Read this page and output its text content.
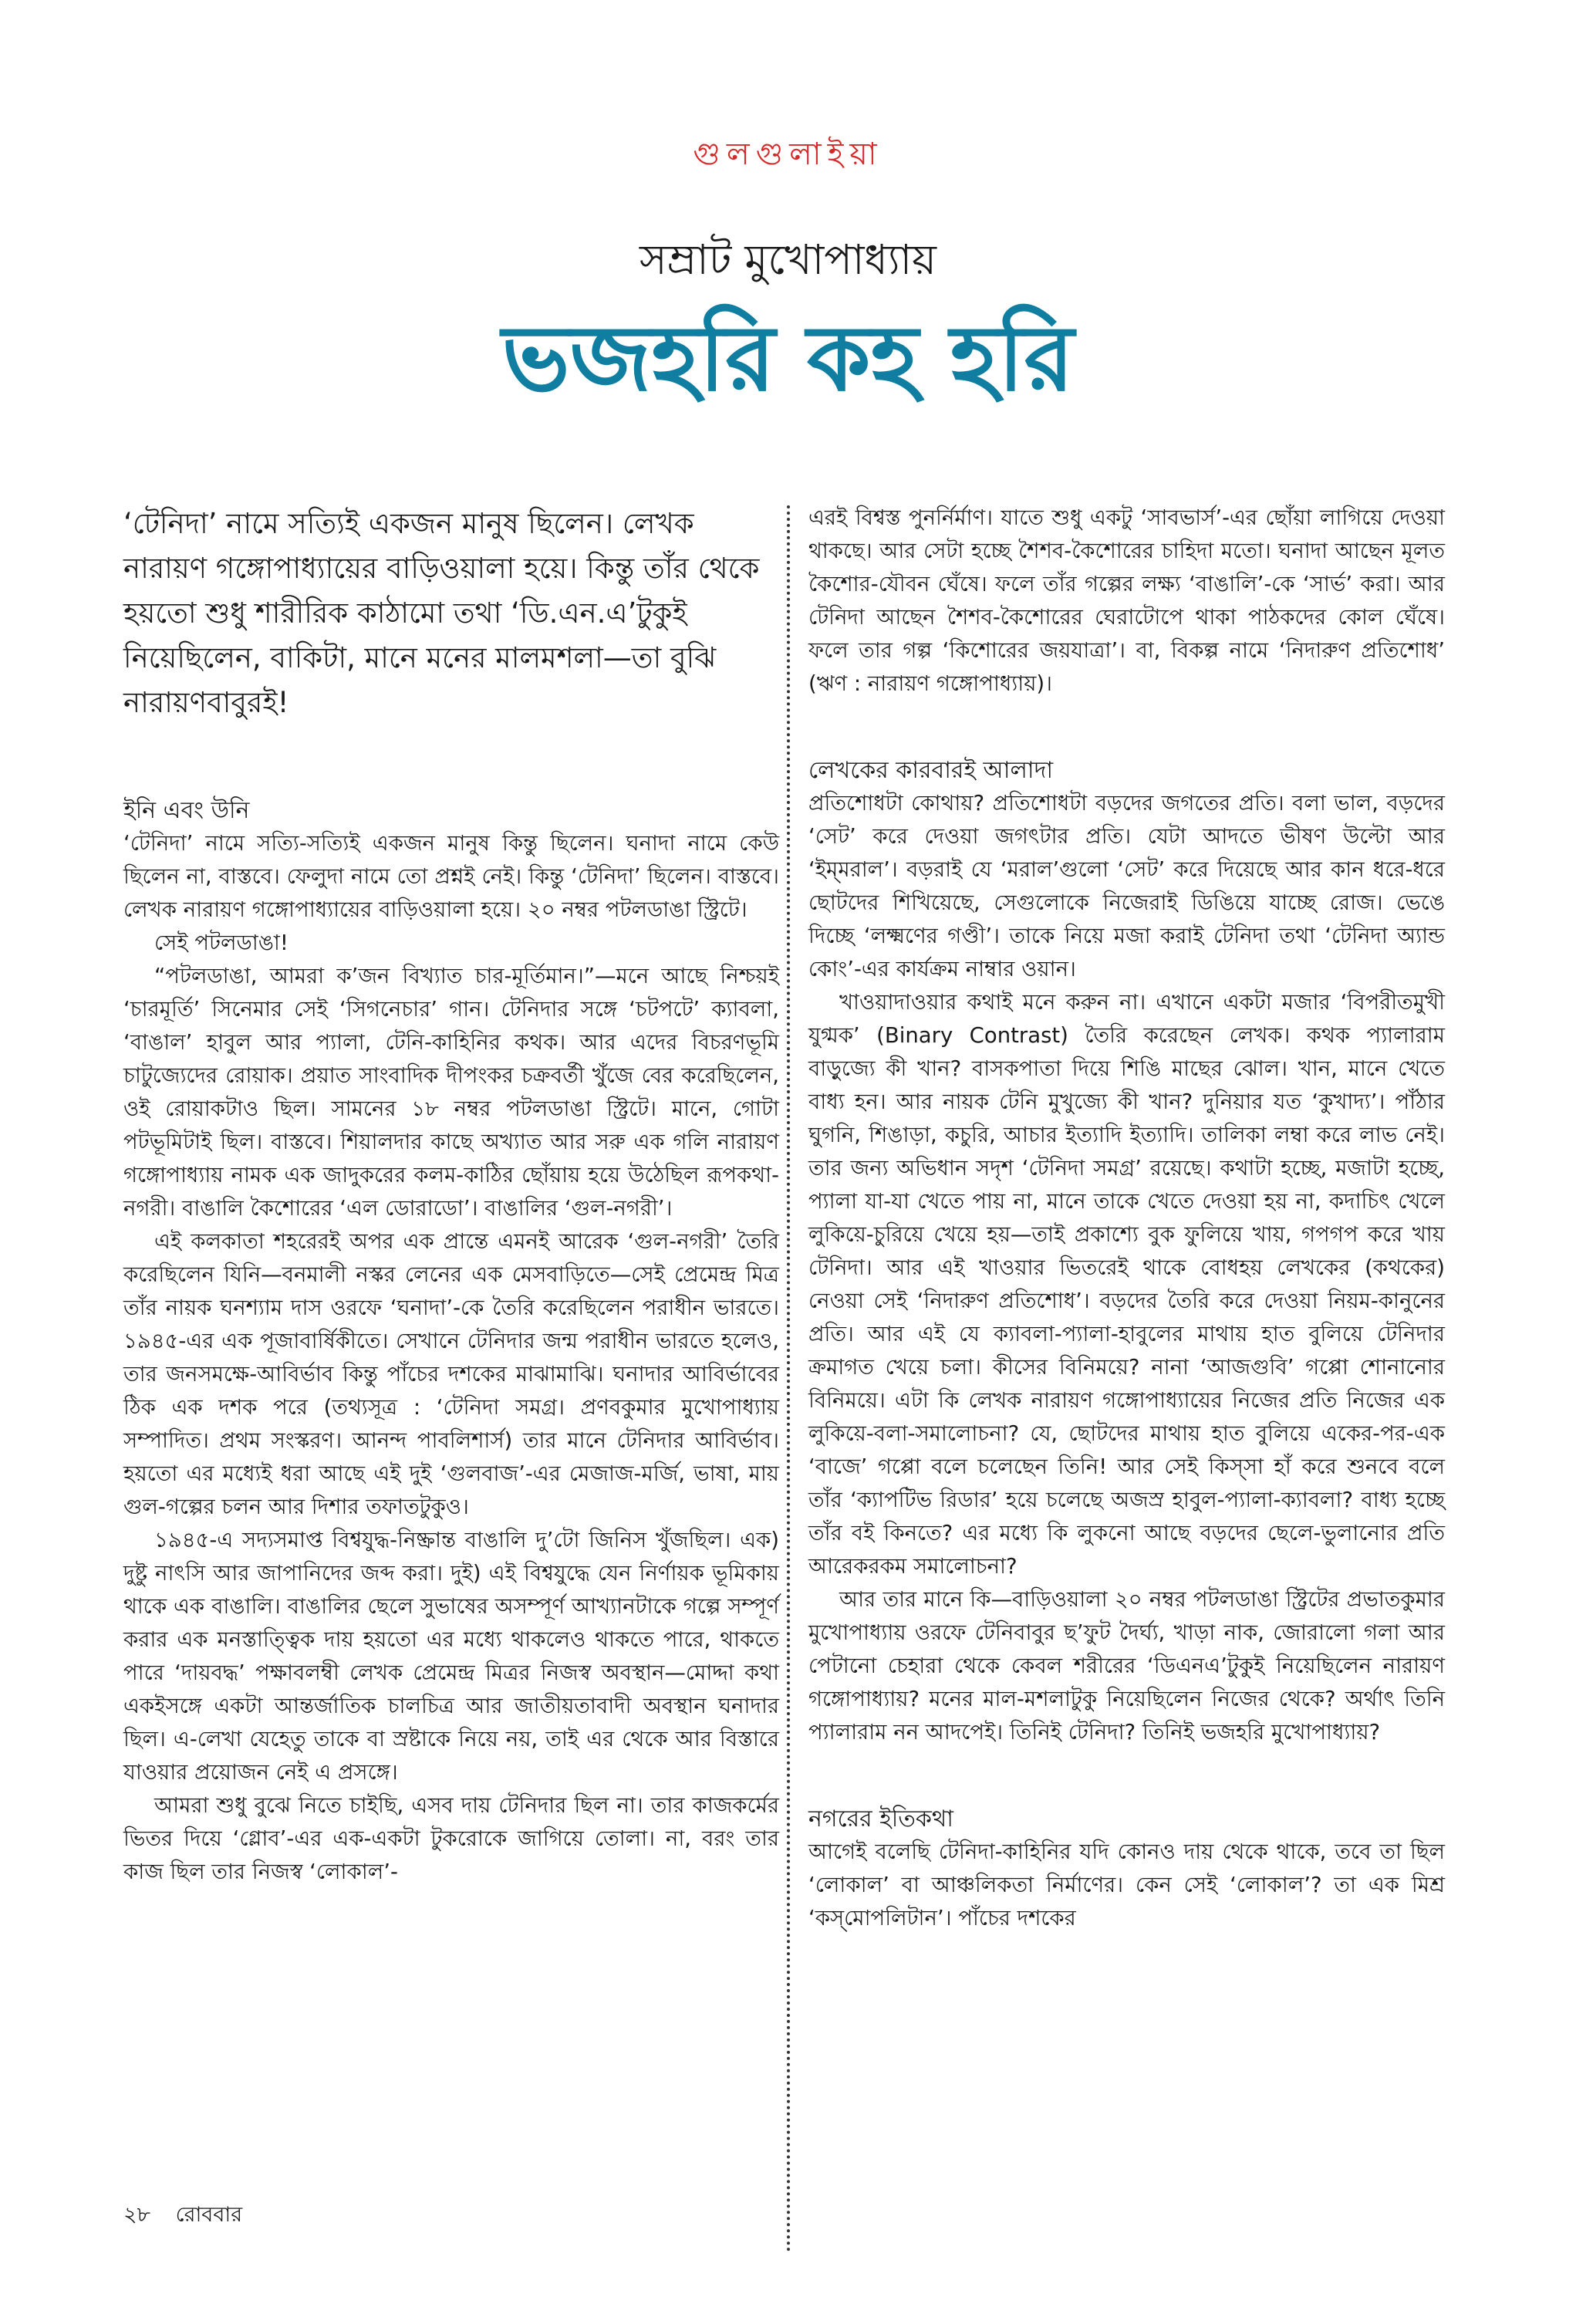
গুলগুলাইয়া
সম্রাট মুখোপাধ্যায়
ভজহরি কহ হরি

‘টেনিদা’ নামে সত্যিই একজন মানুষ ছিলেন। লেখক নারায়ণ গঙ্গোপাধ্যায়ের বাড়িওয়ালা হয়ে। কিন্তু তাঁর থেকে হয়তো শুধু শারীরিক কাঠামো তথা ‘ডি.এন.এ’টুকুই নিয়েছিলেন, বাকিটা, মানে মনের মালমশলা—তা বুঝি নারায়ণবাবুরই!

ইনি এবং উনি

‘টেনিদা’ নামে সত্যি-সত্যিই একজন মানুষ কিন্তু ছিলেন। ঘনাদা নামে কেউ ছিলেন না, বাস্তবে। ফেলুদা নামে তো প্রশ্নই নেই। কিন্তু ‘টেনিদা’ ছিলেন। বাস্তবে। লেখক নারায়ণ গঙ্গোপাধ্যায়ের বাড়িওয়ালা হয়ে। ২০ নম্বর পটলডাঙা স্ট্রিটে।

সেই পটলডাঙা!

“পটলডাঙা, আমরা ক’জন বিখ্যাত চার-মূর্তিমান।”—মনে আছে নিশ্চয়ই ‘চারমূর্তি’ সিনেমার সেই ‘সিগনেচার’ গান। টেনিদার সঙ্গে ‘চটপটে’ ক্যাবলা, ‘বাঙাল’ হাবুল আর প্যালা, টেনি-কাহিনির কথক। আর এদের বিচরণভূমি চাটুজ্যেদের রোয়াক। প্রয়াত সাংবাদিক দীপংকর চক্রবর্তী খুঁজে বের করেছিলেন, ওই রোয়াকটাও ছিল। সামনের ১৮ নম্বর পটলডাঙা স্ট্রিটে। মানে, গোটা পটভূমিটাই ছিল। বাস্তবে। শিয়ালদার কাছে অখ্যাত আর সরু এক গলি নারায়ণ গঙ্গোপাধ্যায় নামক এক জাদুকরের কলম-কাঠির ছোঁয়ায় হয়ে উঠেছিল রূপকথা-নগরী। বাঙালি কৈশোরের ‘এল ডোরাডো’। বাঙালির ‘গুল-নগরী’।

এই কলকাতা শহরেরই অপর এক প্রান্তে এমনই আরেক ‘গুল-নগরী’ তৈরি করেছিলেন যিনি—বনমালী নস্কর লেনের এক মেসবাড়িতে—সেই প্রেমেন্দ্র মিত্র তাঁর নায়ক ঘনশ্যাম দাস ওরফে ‘ঘনাদা’-কে তৈরি করেছিলেন পরাধীন ভারতে। ১৯৪৫-এর এক পূজাবার্ষিকীতে। সেখানে টেনিদার জন্ম পরাধীন ভারতে হলেও, তার জনসমক্ষে-আবির্ভাব কিন্তু পাঁচের দশকের মাঝামাঝি। ঘনাদার আবির্ভাবের ঠিক এক দশক পরে (তথ্যসূত্র : ‘টেনিদা সমগ্র। প্রণবকুমার মুখোপাধ্যায় সম্পাদিত। প্রথম সংস্করণ। আনন্দ পাবলিশার্স) তার মানে টেনিদার আবির্ভাব। হয়তো এর মধ্যেই ধরা আছে এই দুই ‘গুলবাজ’-এর মেজাজ-মর্জি, ভাষা, মায় গুল-গল্পের চলন আর দিশার তফাতটুকুও।

১৯৪৫-এ সদ্যসমাপ্ত বিশ্বযুদ্ধ-নিষ্ক্রান্ত বাঙালি দু’টো জিনিস খুঁজছিল। এক) দুষ্টু নাৎসি আর জাপানিদের জব্দ করা। দুই) এই বিশ্বযুদ্ধে যেন নির্ণায়ক ভূমিকায় থাকে এক বাঙালি। বাঙালির ছেলে সুভাষের অসম্পূর্ণ আখ্যানটাকে গল্পে সম্পূর্ণ করার এক মনস্তাত্ত্বিক দায় হয়তো এর মধ্যে থাকলেও থাকতে পারে, থাকতে পারে ‘দায়বদ্ধ’ পক্ষাবলম্বী লেখক প্রেমেন্দ্র মিত্রর নিজস্ব অবস্থান—মোদ্দা কথা একইসঙ্গে একটা আন্তর্জাতিক চালচিত্র আর জাতীয়তাবাদী অবস্থান ঘনাদার ছিল। এ-লেখা যেহেতু তাকে বা স্রষ্টাকে নিয়ে নয়, তাই এর থেকে আর বিস্তারে যাওয়ার প্রয়োজন নেই এ প্রসঙ্গে।

আমরা শুধু বুঝে নিতে চাইছি, এসব দায় টেনিদার ছিল না। তার কাজকর্মের ভিতর দিয়ে ‘গ্লোব’-এর এক-একটা টুকরোকে জাগিয়ে তোলা। না, বরং তার কাজ ছিল তার নিজস্ব ‘লোকাল’-

এরই বিশ্বস্ত পুনর্নির্মাণ। যাতে শুধু একটু ‘সাবভার্স’-এর ছোঁয়া লাগিয়ে দেওয়া থাকছে। আর সেটা হচ্ছে শৈশব-কৈশোরের চাহিদা মতো। ঘনাদা আছেন মূলত কৈশোর-যৌবন ঘেঁষে। ফলে তাঁর গল্পের লক্ষ্য ‘বাঙালি’-কে ‘সার্ভ’ করা। আর টেনিদা আছেন শৈশব-কৈশোরের ঘেরাটোপে থাকা পাঠকদের কোল ঘেঁষে। ফলে তার গল্প ‘কিশোরের জয়যাত্রা’। বা, বিকল্প নামে ‘নিদারুণ প্রতিশোধ’ (ঋণ : নারায়ণ গঙ্গোপাধ্যায়)।

লেখকের কারবারই আলাদা

প্রতিশোধটা কোথায়? প্রতিশোধটা বড়দের জগতের প্রতি। বলা ভাল, বড়দের ‘সেট’ করে দেওয়া জগৎটার প্রতি। যেটা আদতে ভীষণ উল্টো আর ‘ইম্‌মরাল’। বড়রাই যে ‘মরাল’গুলো ‘সেট’ করে দিয়েছে আর কান ধরে-ধরে ছোটদের শিখিয়েছে, সেগুলোকে নিজেরাই ডিঙিয়ে যাচ্ছে রোজ। ভেঙে দিচ্ছে ‘লক্ষ্মণের গণ্ডী’। তাকে নিয়ে মজা করাই টেনিদা তথা ‘টেনিদা অ্যান্ড কোং’-এর কার্যক্রম নাম্বার ওয়ান।

খাওয়াদাওয়ার কথাই মনে করুন না। এখানে একটা মজার ‘বিপরীতমুখী যুগ্মক’ (Binary Contrast) তৈরি করেছেন লেখক। কথক প্যালারাম বাড়ুজ্যে কী খান? বাসকপাতা দিয়ে শিঙি মাছের ঝোল। খান, মানে খেতে বাধ্য হন। আর নায়ক টেনি মুখুজ্যে কী খান? দুনিয়ার যত ‘কুখাদ্য’। পাঁঠার ঘুগনি, শিঙাড়া, কচুরি, আচার ইত্যাদি ইত্যাদি। তালিকা লম্বা করে লাভ নেই। তার জন্য অভিধান সদৃশ ‘টেনিদা সমগ্র’ রয়েছে। কথাটা হচ্ছে, মজাটা হচ্ছে, প্যালা যা-যা খেতে পায় না, মানে তাকে খেতে দেওয়া হয় না, কদাচিৎ খেলে লুকিয়ে-চুরিয়ে খেয়ে হয়—তাই প্রকাশ্যে বুক ফুলিয়ে খায়, গপগপ করে খায় টেনিদা। আর এই খাওয়ার ভিতরেই থাকে বোধহয় লেখকের (কথকের) নেওয়া সেই ‘নিদারুণ প্রতিশোধ’। বড়দের তৈরি করে দেওয়া নিয়ম-কানুনের প্রতি। আর এই যে ক্যাবলা-প্যালা-হাবুলের মাথায় হাত বুলিয়ে টেনিদার ক্রমাগত খেয়ে চলা। কীসের বিনিময়ে? নানা ‘আজগুবি’ গপ্পো শোনানোর বিনিময়ে। এটা কি লেখক নারায়ণ গঙ্গোপাধ্যায়ের নিজের প্রতি নিজের এক লুকিয়ে-বলা-সমালোচনা? যে, ছোটদের মাথায় হাত বুলিয়ে একের-পর-এক ‘বাজে’ গপ্পো বলে চলেছেন তিনি! আর সেই কিস্‌সা হাঁ করে শুনবে বলে তাঁর ‘ক্যাপটিভ রিডার’ হয়ে চলেছে অজস্র হাবুল-প্যালা-ক্যাবলা? বাধ্য হচ্ছে তাঁর বই কিনতে? এর মধ্যে কি লুকনো আছে বড়দের ছেলে-ভুলানোর প্রতি আরেকরকম সমালোচনা?

আর তার মানে কি—বাড়িওয়ালা ২০ নম্বর পটলডাঙা স্ট্রিটের প্রভাতকুমার মুখোপাধ্যায় ওরফে টেনিবাবুর ছ’ফুট দৈর্ঘ্য, খাড়া নাক, জোরালো গলা আর পেটানো চেহারা থেকে কেবল শরীরের ‘ডিএনএ’টুকুই নিয়েছিলেন নারায়ণ গঙ্গোপাধ্যায়? মনের মাল-মশলাটুকু নিয়েছিলেন নিজের থেকে? অর্থাৎ তিনি প্যালারাম নন আদপেই। তিনিই টেনিদা? তিনিই ভজহরি মুখোপাধ্যায়?

নগরের ইতিকথা

আগেই বলেছি টেনিদা-কাহিনির যদি কোনও দায় থেকে থাকে, তবে তা ছিল ‘লোকাল’ বা আঞ্চলিকতা নির্মাণের। কেন সেই ‘লোকাল’? তা এক মিশ্র ‘কস্‌মোপলিটান’। পাঁচের দশকের

২৮ রোববার
